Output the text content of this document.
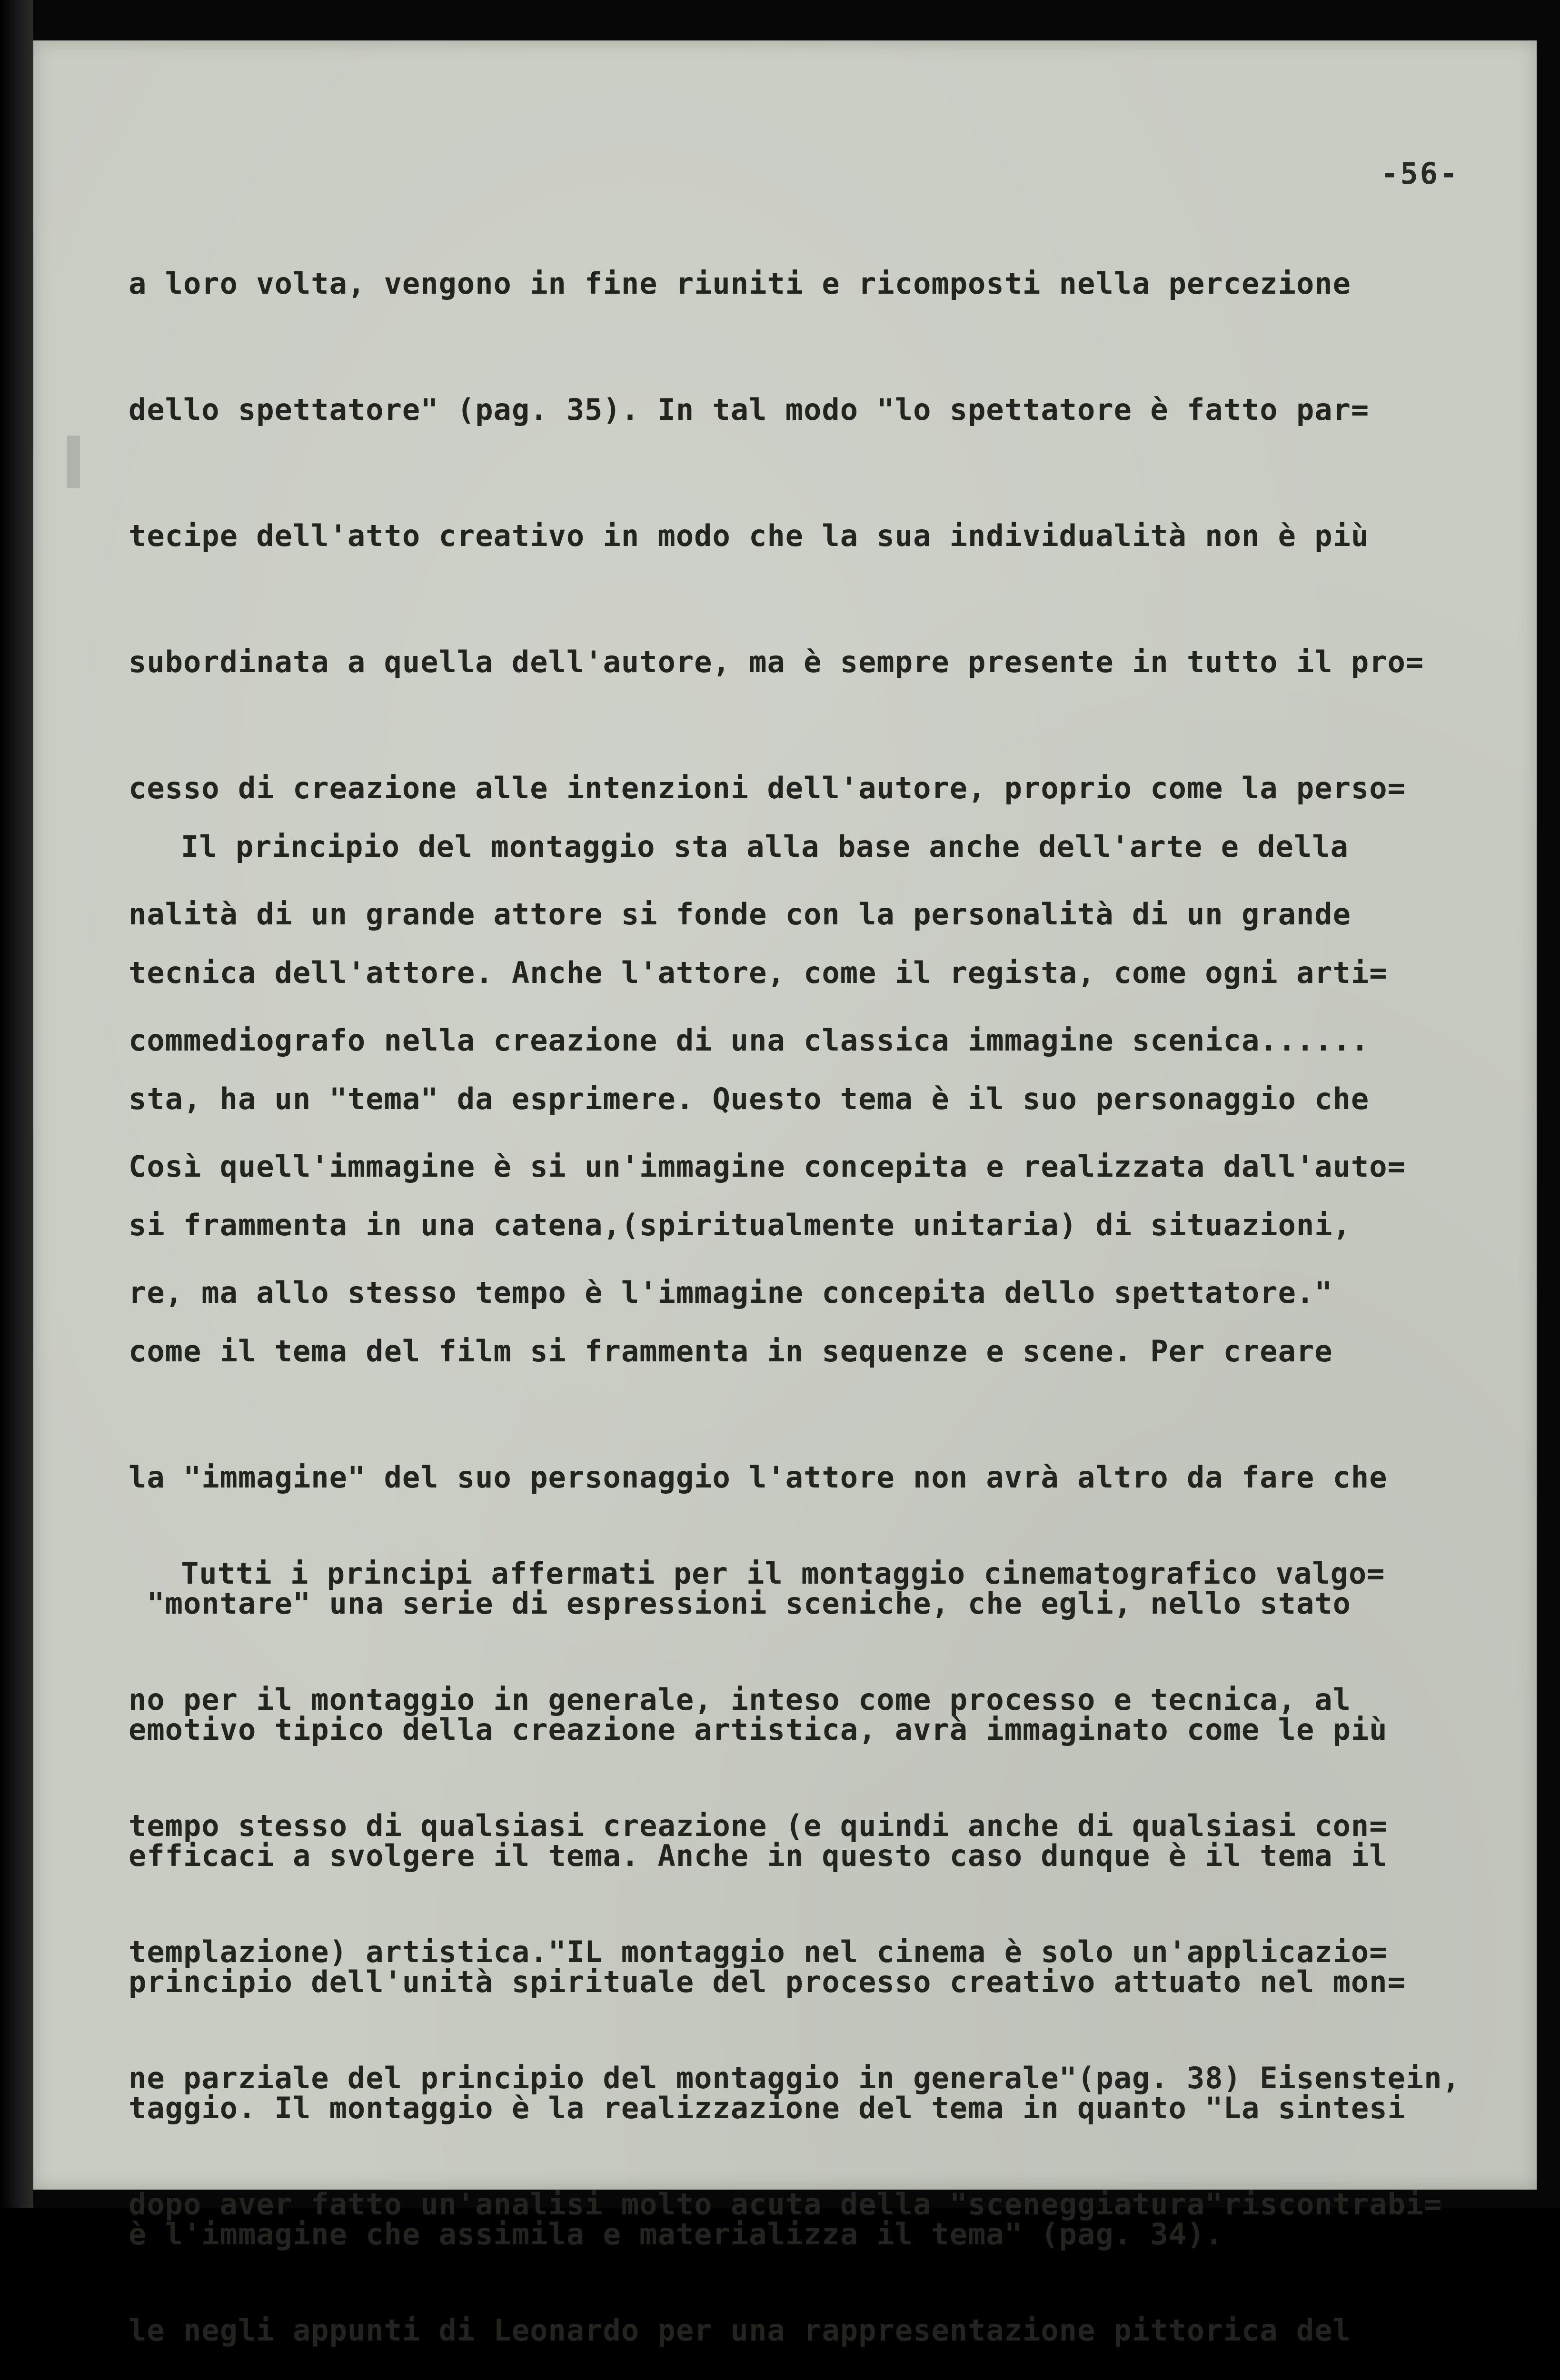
-56-

a loro volta, vengono in fine riuniti e ricomposti nella percezione

dello spettatore" (pag. 35). In tal modo "lo spettatore è fatto par=

tecipe dell'atto creativo in modo che la sua individualità non è più

subordinata a quella dell'autore, ma è sempre presente in tutto il pro=

cesso di creazione alle intenzioni dell'autore, proprio come la perso=

nalità di un grande attore si fonde con la personalità di un grande

commediografo nella creazione di una classica immagine scenica......

Così quell'immagine è si un'immagine concepita e realizzata dall'auto=

re, ma allo stesso tempo è l'immagine concepita dello spettatore."

Il principio del montaggio sta alla base anche dell'arte e della

tecnica dell'attore. Anche l'attore, come il regista, come ogni arti=

sta, ha un "tema" da esprimere. Questo tema è il suo personaggio che

si frammenta in una catena,(spiritualmente unitaria) di situazioni,

come il tema del film si frammenta in sequenze e scene. Per creare

la "immagine" del suo personaggio l'attore non avrà altro da fare che

"montare" una serie di espressioni sceniche, che egli, nello stato

emotivo tipico della creazione artistica, avrà immaginato come le più

efficaci a svolgere il tema. Anche in questo caso dunque è il tema il

principio dell'unità spirituale del processo creativo attuato nel mon=

taggio. Il montaggio è la realizzazione del tema in quanto "La sintesi

è l'immagine che assimila e materializza il tema" (pag. 34).

Tutti i principi affermati per il montaggio cinematografico valgo=

no per il montaggio in generale, inteso come processo e tecnica, al

tempo stesso di qualsiasi creazione (e quindi anche di qualsiasi con=

templazione) artistica."IL montaggio nel cinema è solo un'applicazio=

ne parziale del principio del montaggio in generale"(pag. 38) Eisenstein,

dopo aver fatto un'analisi molto acuta della "sceneggiatura"riscontrabi=

le negli appunti di Leonardo per una rappresentazione pittorica del
